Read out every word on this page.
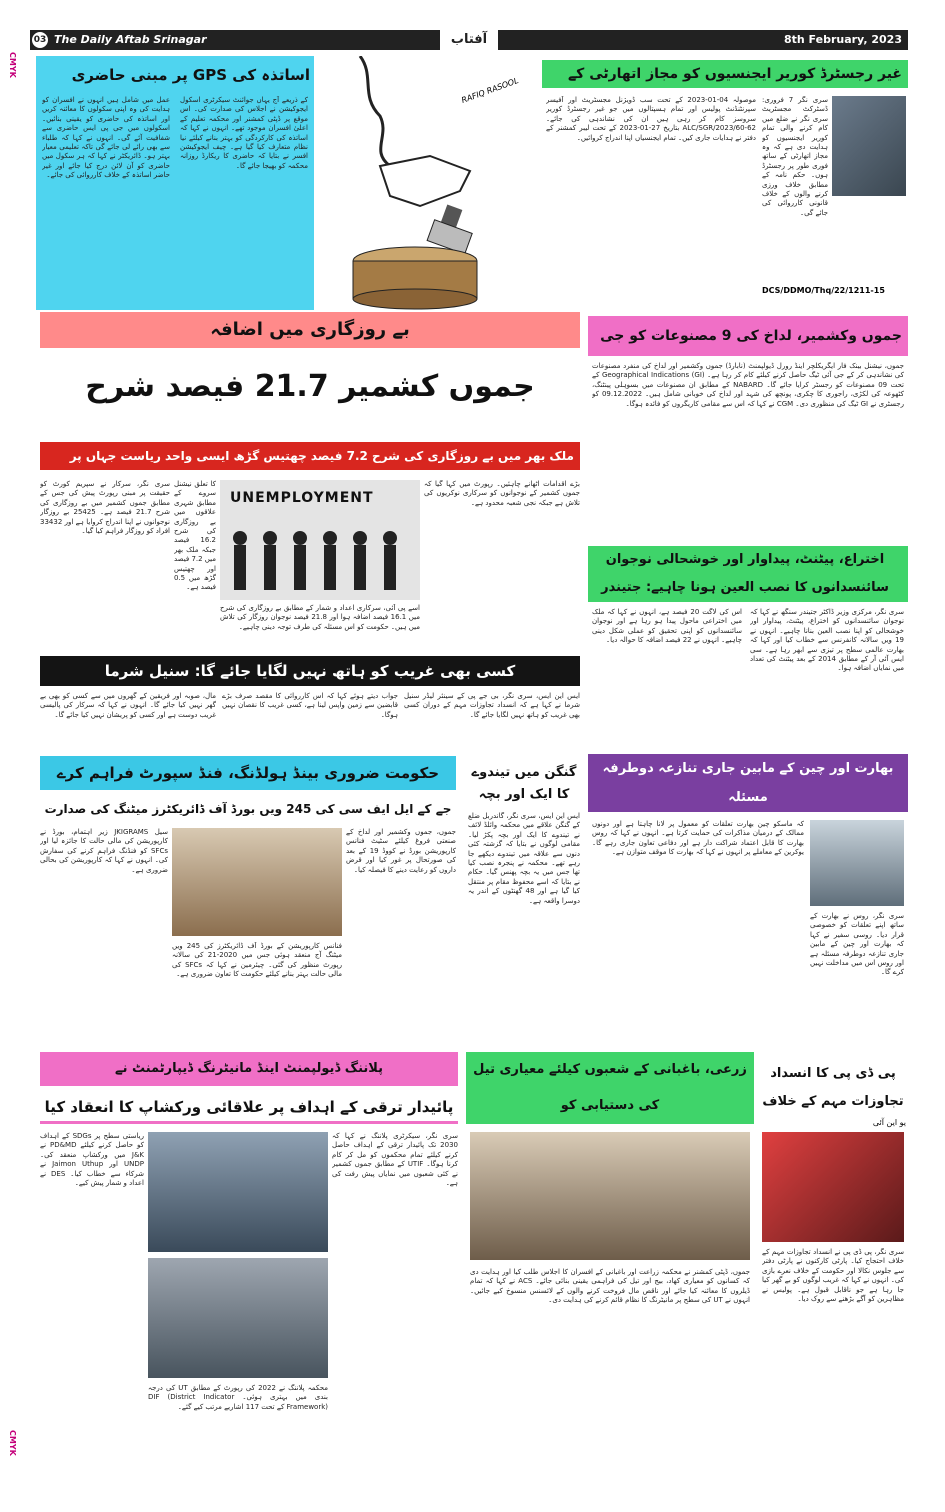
CMYK
CMYK
03 The Daily Aftab Srinagar	آفتاب	8th February, 2023
اساتذہ کی GPS پر مبنی حاضری
عمل میں شامل ہیں انہوں نے افسران کو ہدایت کی وہ اپنی سکولوں کا معائنہ کریں اور اساتذہ کی حاضری کو یقینی بنائیں۔ اسکولوں میں جی پی ایس حاضری سے شفافیت آئے گی۔ انہوں نے کہا کہ طلباء سے بھی رائے لی جائے گی تاکہ تعلیمی معیار بہتر ہو۔ ڈائریکٹر نے کہا کہ ہر سکول میں حاضری کو آن لائن درج کیا جائے اور غیر حاضر اساتذہ کے خلاف کارروائی کی جائے۔
کے ذریعے آج یہاں جوائنٹ سیکرٹری اسکول ایجوکیشن نے اجلاس کی صدارت کی۔ اس موقع پر ڈپٹی کمشنر اور محکمہ تعلیم کے اعلیٰ افسران موجود تھے۔ انہوں نے کہا کہ اساتذہ کی کارکردگی کو بہتر بنانے کیلئے نیا نظام متعارف کیا گیا ہے۔ چیف ایجوکیشن افسر نے بتایا کہ حاضری کا ریکارڈ روزانہ محکمہ کو بھیجا جائے گا۔
RAFIQ RASOOL
غیر رجسٹرڈ کوریر ایجنسیوں کو مجاز اتھارٹی کے
موصولہ 04-01-2023 کے تحت سب ڈویژنل مجسٹریٹ اور آفیسر سپرنٹنڈنٹ پولیس اور تمام ہسپتالوں میں جو غیر رجسٹرڈ کوریر سروسز کام کر رہی ہیں ان کی نشاندہی کی جائے۔ ALC/SGR/2023/60-62 بتاریخ 27-01-2023 کے تحت لیبر کمشنر کے دفتر نے ہدایات جاری کیں۔ تمام ایجنسیاں اپنا اندراج کروائیں۔
سری نگر 7 فروری: ڈسٹرکٹ مجسٹریٹ سری نگر نے ضلع میں کام کرنے والی تمام کوریر ایجنسیوں کو ہدایت دی ہے کہ وہ مجاز اتھارٹی کے ساتھ فوری طور پر رجسٹرڈ ہوں۔ حکم نامہ کے مطابق خلاف ورزی کرنے والوں کے خلاف قانونی کارروائی کی جائے گی۔
DCS/DDMO/Thq/22/1211-15
بے روزگاری میں اضافہ
جموں کشمیر 21.7 فیصد شرح
ملک بھر میں بے روزگاری کی شرح 7.2 فیصد چھتیس گڑھ ایسی واحد ریاست جہاں پر
سری نگر، سرکار نے سپریم کورٹ کو حقیقت پر مبنی رپورٹ پیش کی جس کے مطابق جموں کشمیر میں بے روزگاری کی شرح 21.7 فیصد ہے۔ 25425 بے روزگار نوجوانوں نے اپنا اندراج کروایا ہے اور 33432 افراد کو روزگار فراہم کیا گیا۔
کا تعلق نیشنل سروے کے مطابق شہری علاقوں میں بے روزگاری کی شرح 16.2 فیصد جبکہ ملک بھر میں 7.2 فیصد اور چھتیس گڑھ میں 0.5 فیصد ہے۔
UNEMPLOYMENT
اسے پی آئی، سرکاری اعداد و شمار کے مطابق بے روزگاری کی شرح میں 16.1 فیصد اضافہ ہوا اور 21.8 فیصد نوجوان روزگار کی تلاش میں ہیں۔ حکومت کو اس مسئلہ کی طرف توجہ دینی چاہیے۔
بڑے اقدامات اٹھانے چاہئیں۔ رپورٹ میں کہا گیا کہ جموں کشمیر کے نوجوانوں کو سرکاری نوکریوں کی تلاش ہے جبکہ نجی شعبہ محدود ہے۔
جموں وکشمیر، لداخ کی 9 مصنوعات کو جی
جموں، نیشنل بینک فار ایگریکلچر اینڈ رورل ڈیولپمنٹ (نابارڈ) جموں وکشمیر اور لداخ کی منفرد مصنوعات کی نشاندہی کر کے جی آئی ٹیگ حاصل کرنے کیلئے کام کر رہا ہے۔ Geographical Indications (GI) کے تحت 09 مصنوعات کو رجسٹر کرایا جائے گا۔ NABARD کے مطابق ان مصنوعات میں بسوہلی پینٹنگ، کٹھوعہ کی لکڑی، راجوری کا چکری، پونچھ کی شہد اور لداخ کی خوبانی شامل ہیں۔ 09.12.2022 کو رجسٹری نے GI ٹیگ کی منظوری دی۔ CGM نے کہا کہ اس سے مقامی کاریگروں کو فائدہ ہوگا۔
اختراع، پیٹنٹ، پیداوار اور خوشحالی نوجوان سائنسدانوں کا نصب العین ہونا چاہیے: جتیندر
اس کی لاگت 20 فیصد ہے، انہوں نے کہا کہ ملک میں اختراعی ماحول پیدا ہو رہا ہے اور نوجوان سائنسدانوں کو اپنی تحقیق کو عملی شکل دینی چاہیے۔ انہوں نے 22 فیصد اضافہ کا حوالہ دیا۔
سری نگر، مرکزی وزیر ڈاکٹر جتیندر سنگھ نے کہا کہ نوجوان سائنسدانوں کو اختراع، پیٹنٹ، پیداوار اور خوشحالی کو اپنا نصب العین بنانا چاہیے۔ انہوں نے 19 ویں سالانہ کانفرنس سے خطاب کیا اور کہا کہ بھارت عالمی سطح پر تیزی سے ابھر رہا ہے۔ سی ایس آئی آر کے مطابق 2014 کے بعد پیٹنٹ کی تعداد میں نمایاں اضافہ ہوا۔
کسی بھی غریب کو ہاتھ نہیں لگایا جائے گا: سنیل شرما
مال، صوبہ اور فریقین کے گھروں میں سے کسی کو بھی بے گھر نہیں کیا جائے گا۔ انہوں نے کہا کہ سرکار کی پالیسی غریب دوست ہے اور کسی کو پریشان نہیں کیا جائے گا۔
جواب دیتے ہوئے کہا کہ اس کارروائی کا مقصد صرف بڑے قابضین سے زمین واپس لینا ہے، کسی غریب کا نقصان نہیں ہوگا۔
ایس این ایس، سری نگر، بی جے پی کے سینئر لیڈر سنیل شرما نے کہا ہے کہ انسداد تجاوزات مہم کے دوران کسی بھی غریب کو ہاتھ نہیں لگایا جائے گا۔
حکومت ضروری بینڈ ہولڈنگ، فنڈ سپورٹ فراہم کرے
جے کے ایل ایف سی کی 245 ویں بورڈ آف ڈائریکٹرز میٹنگ کی صدارت
سیل JKIGRAMS زیر اہتمام، بورڈ نے کارپوریشن کی مالی حالت کا جائزہ لیا اور SFCs کو فنڈنگ فراہم کرنے کی سفارش کی۔ انہوں نے کہا کہ کارپوریشن کی بحالی ضروری ہے۔
فنانس کارپوریشن کے بورڈ آف ڈائریکٹرز کی 245 ویں میٹنگ آج منعقد ہوئی جس میں 2020-21 کی سالانہ رپورٹ منظور کی گئی۔ چیئرمین نے کہا کہ SFCs کی مالی حالت بہتر بنانے کیلئے حکومت کا تعاون ضروری ہے۔
جموں، جموں وکشمیر اور لداخ کے صنعتی فروغ کیلئے سٹیٹ فنانس کارپوریشن بورڈ نے کووڈ 19 کے بعد کی صورتحال پر غور کیا اور قرض داروں کو رعایت دینے کا فیصلہ کیا۔
گنگن میں تیندوے کا ایک اور بچہ
ایس این ایس، سری نگر، گاندربل ضلع کے گنگن علاقے میں محکمہ وائلڈ لائف نے تیندوے کا ایک اور بچہ پکڑ لیا۔ مقامی لوگوں نے بتایا کہ گزشتہ کئی دنوں سے علاقہ میں تیندوے دیکھے جا رہے تھے۔ محکمہ نے پنجرہ نصب کیا تھا جس میں یہ بچہ پھنس گیا۔ حکام نے بتایا کہ اسے محفوظ مقام پر منتقل کیا گیا ہے اور 48 گھنٹوں کے اندر یہ دوسرا واقعہ ہے۔
بھارت اور چین کے مابین جاری تنازعہ دوطرفہ مسئلہ
کہ ماسکو چین بھارت تعلقات کو معمول پر لانا چاہتا ہے اور دونوں ممالک کے درمیان مذاکرات کی حمایت کرتا ہے۔ انہوں نے کہا کہ روس بھارت کا قابل اعتماد شراکت دار ہے اور دفاعی تعاون جاری رہے گا۔ یوکرین کے معاملے پر انہوں نے کہا کہ بھارت کا موقف متوازن ہے۔
سری نگر، روس نے بھارت کے ساتھ اپنے تعلقات کو خصوصی قرار دیا۔ روسی سفیر نے کہا کہ بھارت اور چین کے مابین جاری تنازعہ دوطرفہ مسئلہ ہے اور روس اس میں مداخلت نہیں کرے گا۔
پلاننگ ڈیولپمنٹ اینڈ مانیٹرنگ ڈیپارٹمنٹ نے
پائیدار ترقی کے اہداف پر علاقائی ورکشاپ کا انعقاد کیا
ریاستی سطح پر SDGs کے اہداف کو حاصل کرنے کیلئے PD&MD نے J&K میں ورکشاپ منعقد کی۔ UNDP اور Jaimon Uthup نے شرکاء سے خطاب کیا۔ DES نے اعداد و شمار پیش کیے۔
محکمہ پلاننگ نے 2022 کی رپورٹ کے مطابق UT کی درجہ بندی میں بہتری ہوئی۔ DIF (District Indicator Framework) کے تحت 117 اشاریے مرتب کیے گئے۔
سری نگر، سیکرٹری پلاننگ نے کہا کہ 2030 تک پائیدار ترقی کے اہداف حاصل کرنے کیلئے تمام محکموں کو مل کر کام کرنا ہوگا۔ UTIF کے مطابق جموں کشمیر نے کئی شعبوں میں نمایاں پیش رفت کی ہے۔
زرعی، باغبانی کے شعبوں کیلئے معیاری تیل کی دستیابی کو
جموں، ڈپٹی کمشنر نے محکمہ زراعت اور باغبانی کے افسران کا اجلاس طلب کیا اور ہدایت دی کہ کسانوں کو معیاری کھاد، بیج اور تیل کی فراہمی یقینی بنائی جائے۔ ACS نے کہا کہ تمام ڈیلروں کا معائنہ کیا جائے اور ناقص مال فروخت کرنے والوں کے لائسنس منسوخ کیے جائیں۔ انہوں نے UT کی سطح پر مانیٹرنگ کا نظام قائم کرنے کی ہدایت دی۔
پی ڈی پی کا انسداد تجاوزات مہم کے خلاف
یو این آئی
سری نگر، پی ڈی پی نے انسداد تجاوزات مہم کے خلاف احتجاج کیا۔ پارٹی کارکنوں نے پارٹی دفتر سے جلوس نکالا اور حکومت کے خلاف نعرے بازی کی۔ انہوں نے کہا کہ غریب لوگوں کو بے گھر کیا جا رہا ہے جو ناقابل قبول ہے۔ پولیس نے مظاہرین کو آگے بڑھنے سے روک دیا۔
